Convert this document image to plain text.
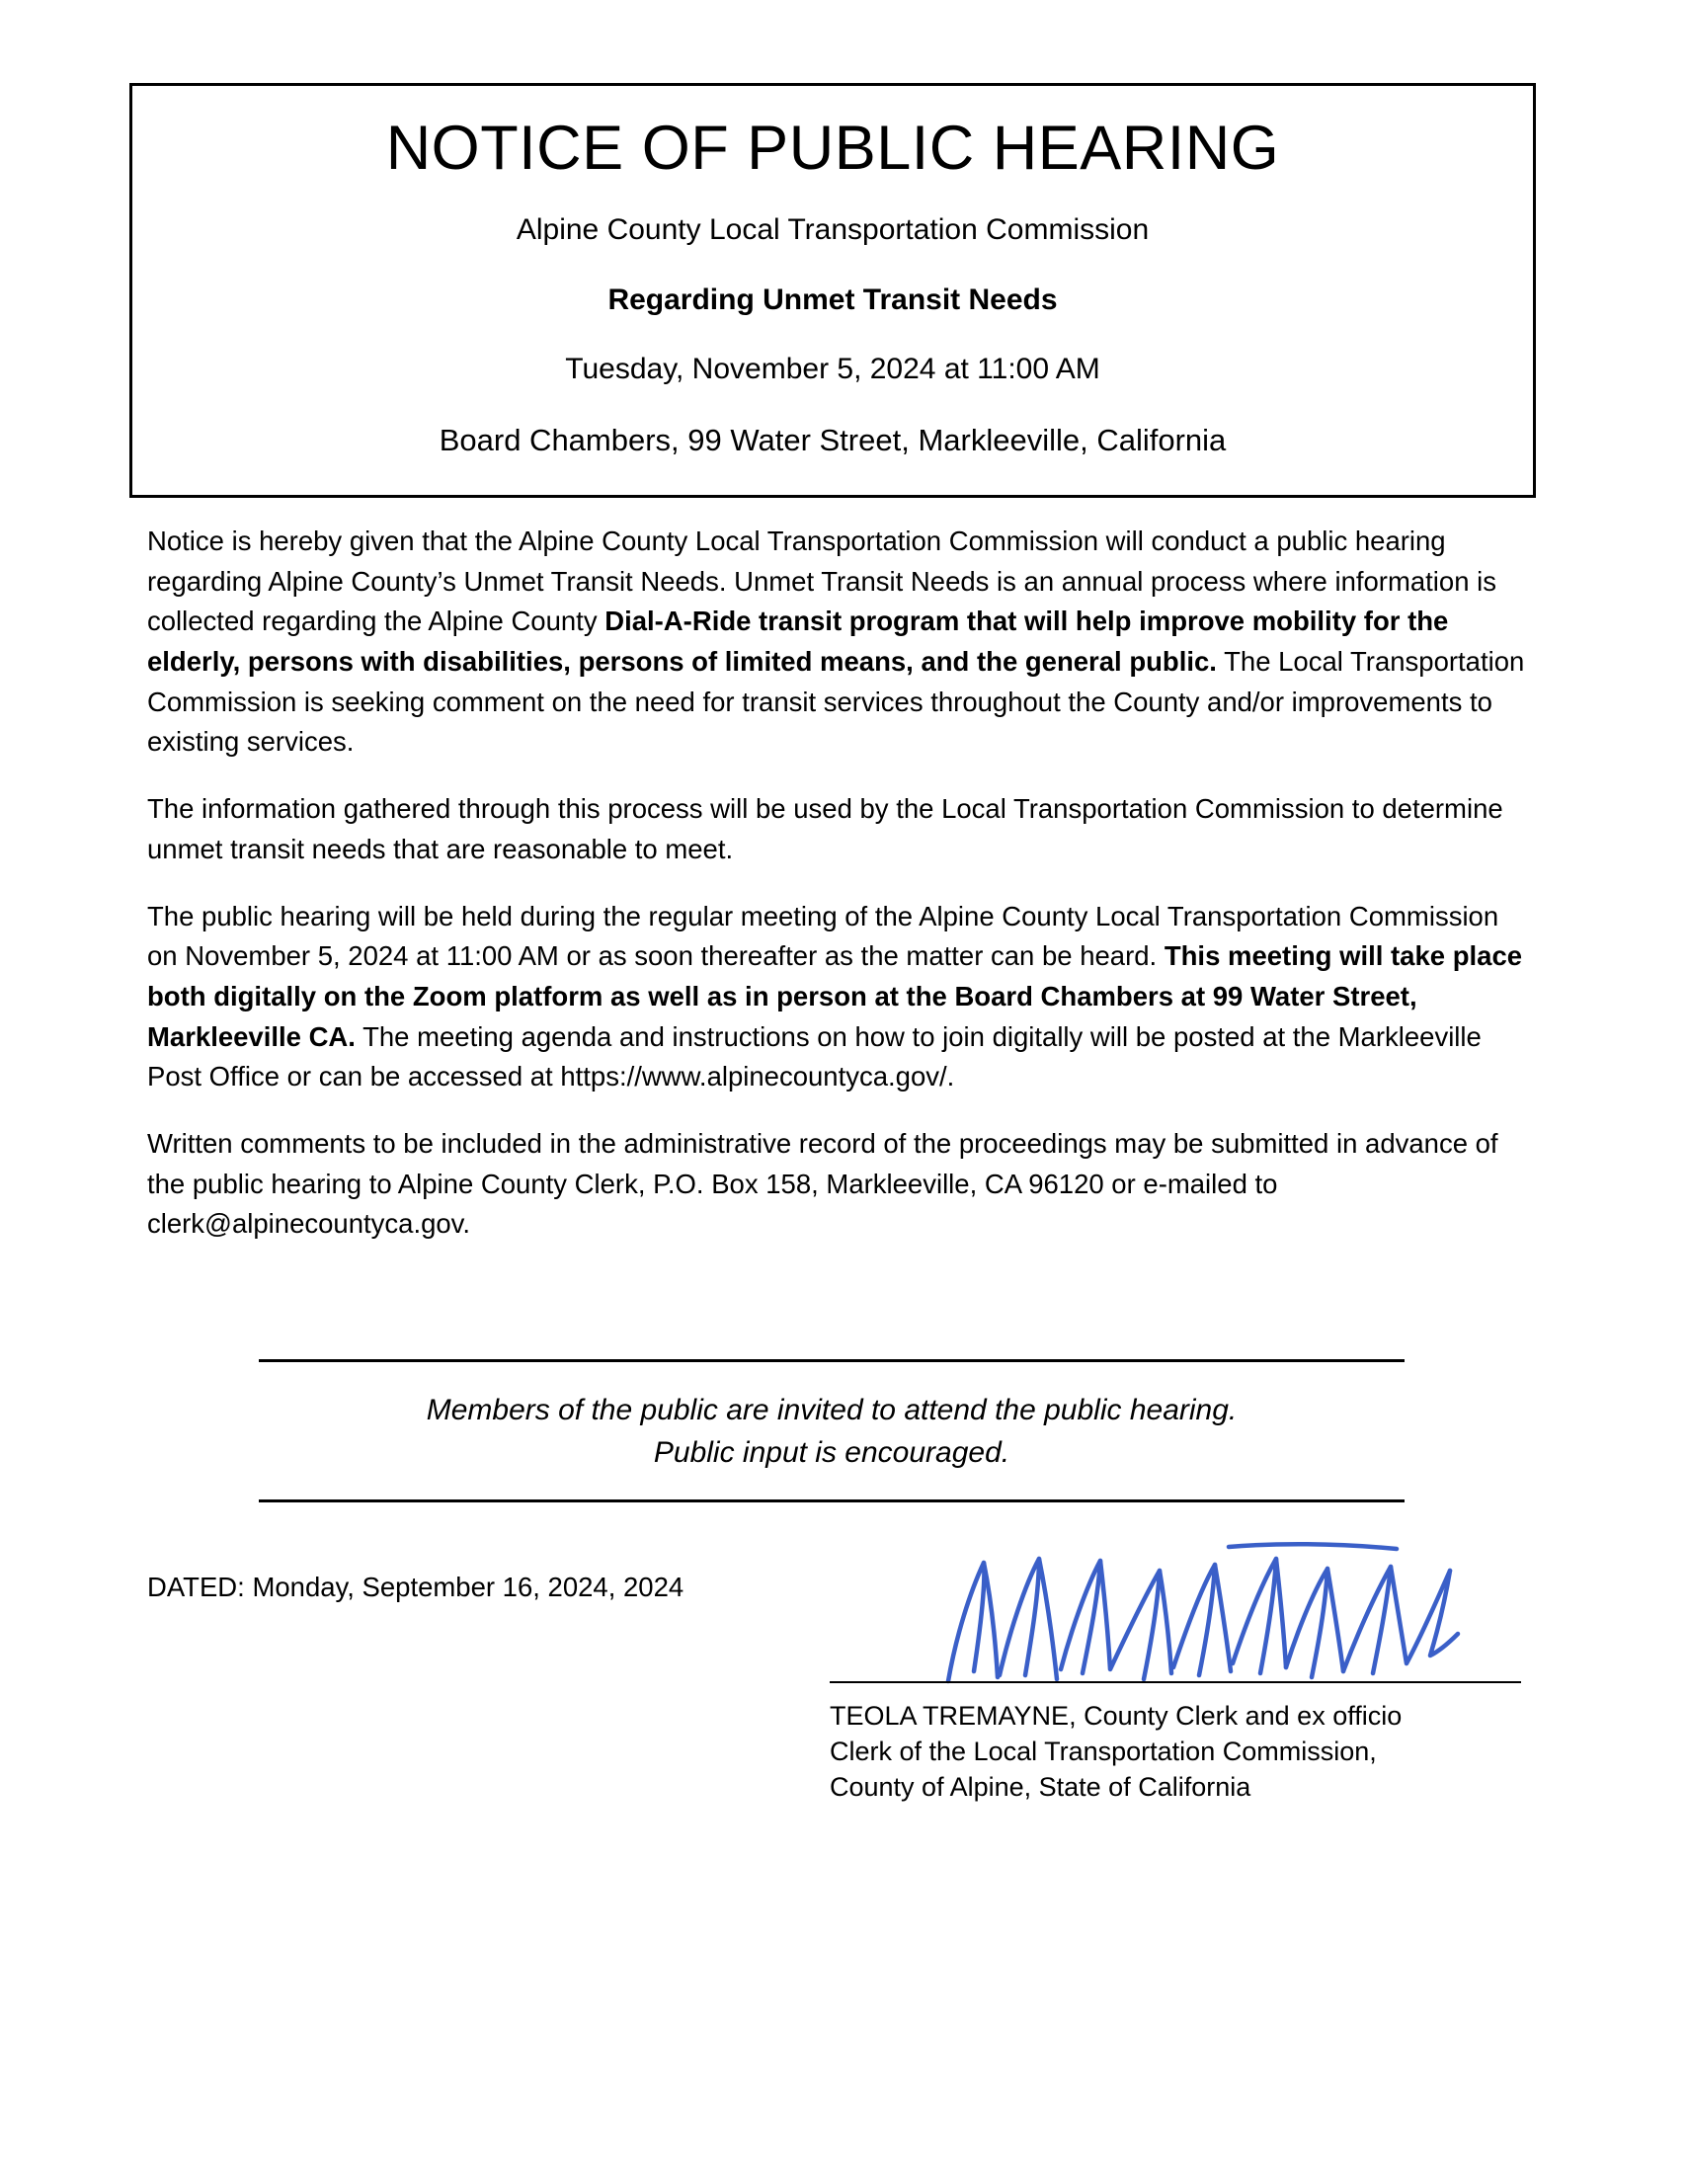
NOTICE OF PUBLIC HEARING

Alpine County Local Transportation Commission

Regarding Unmet Transit Needs

Tuesday, November 5, 2024 at 11:00 AM

Board Chambers, 99 Water Street, Markleeville, California

Notice is hereby given that the Alpine County Local Transportation Commission will conduct a public hearing regarding Alpine County’s Unmet Transit Needs. Unmet Transit Needs is an annual process where information is collected regarding the Alpine County Dial-A-Ride transit program that will help improve mobility for the elderly, persons with disabilities, persons of limited means, and the general public. The Local Transportation Commission is seeking comment on the need for transit services throughout the County and/or improvements to existing services.

The information gathered through this process will be used by the Local Transportation Commission to determine unmet transit needs that are reasonable to meet.

The public hearing will be held during the regular meeting of the Alpine County Local Transportation Commission on November 5, 2024 at 11:00 AM or as soon thereafter as the matter can be heard. This meeting will take place both digitally on the Zoom platform as well as in person at the Board Chambers at 99 Water Street, Markleeville CA. The meeting agenda and instructions on how to join digitally will be posted at the Markleeville Post Office or can be accessed at https://www.alpinecountyca.gov/.

Written comments to be included in the administrative record of the proceedings may be submitted in advance of the public hearing to Alpine County Clerk, P.O. Box 158, Markleeville, CA 96120 or e-mailed to clerk@alpinecountyca.gov.

Members of the public are invited to attend the public hearing.
Public input is encouraged.
DATED: Monday, September 16, 2024, 2024
TEOLA TREMAYNE, County Clerk and ex officio
Clerk of the Local Transportation Commission,
County of Alpine, State of California
